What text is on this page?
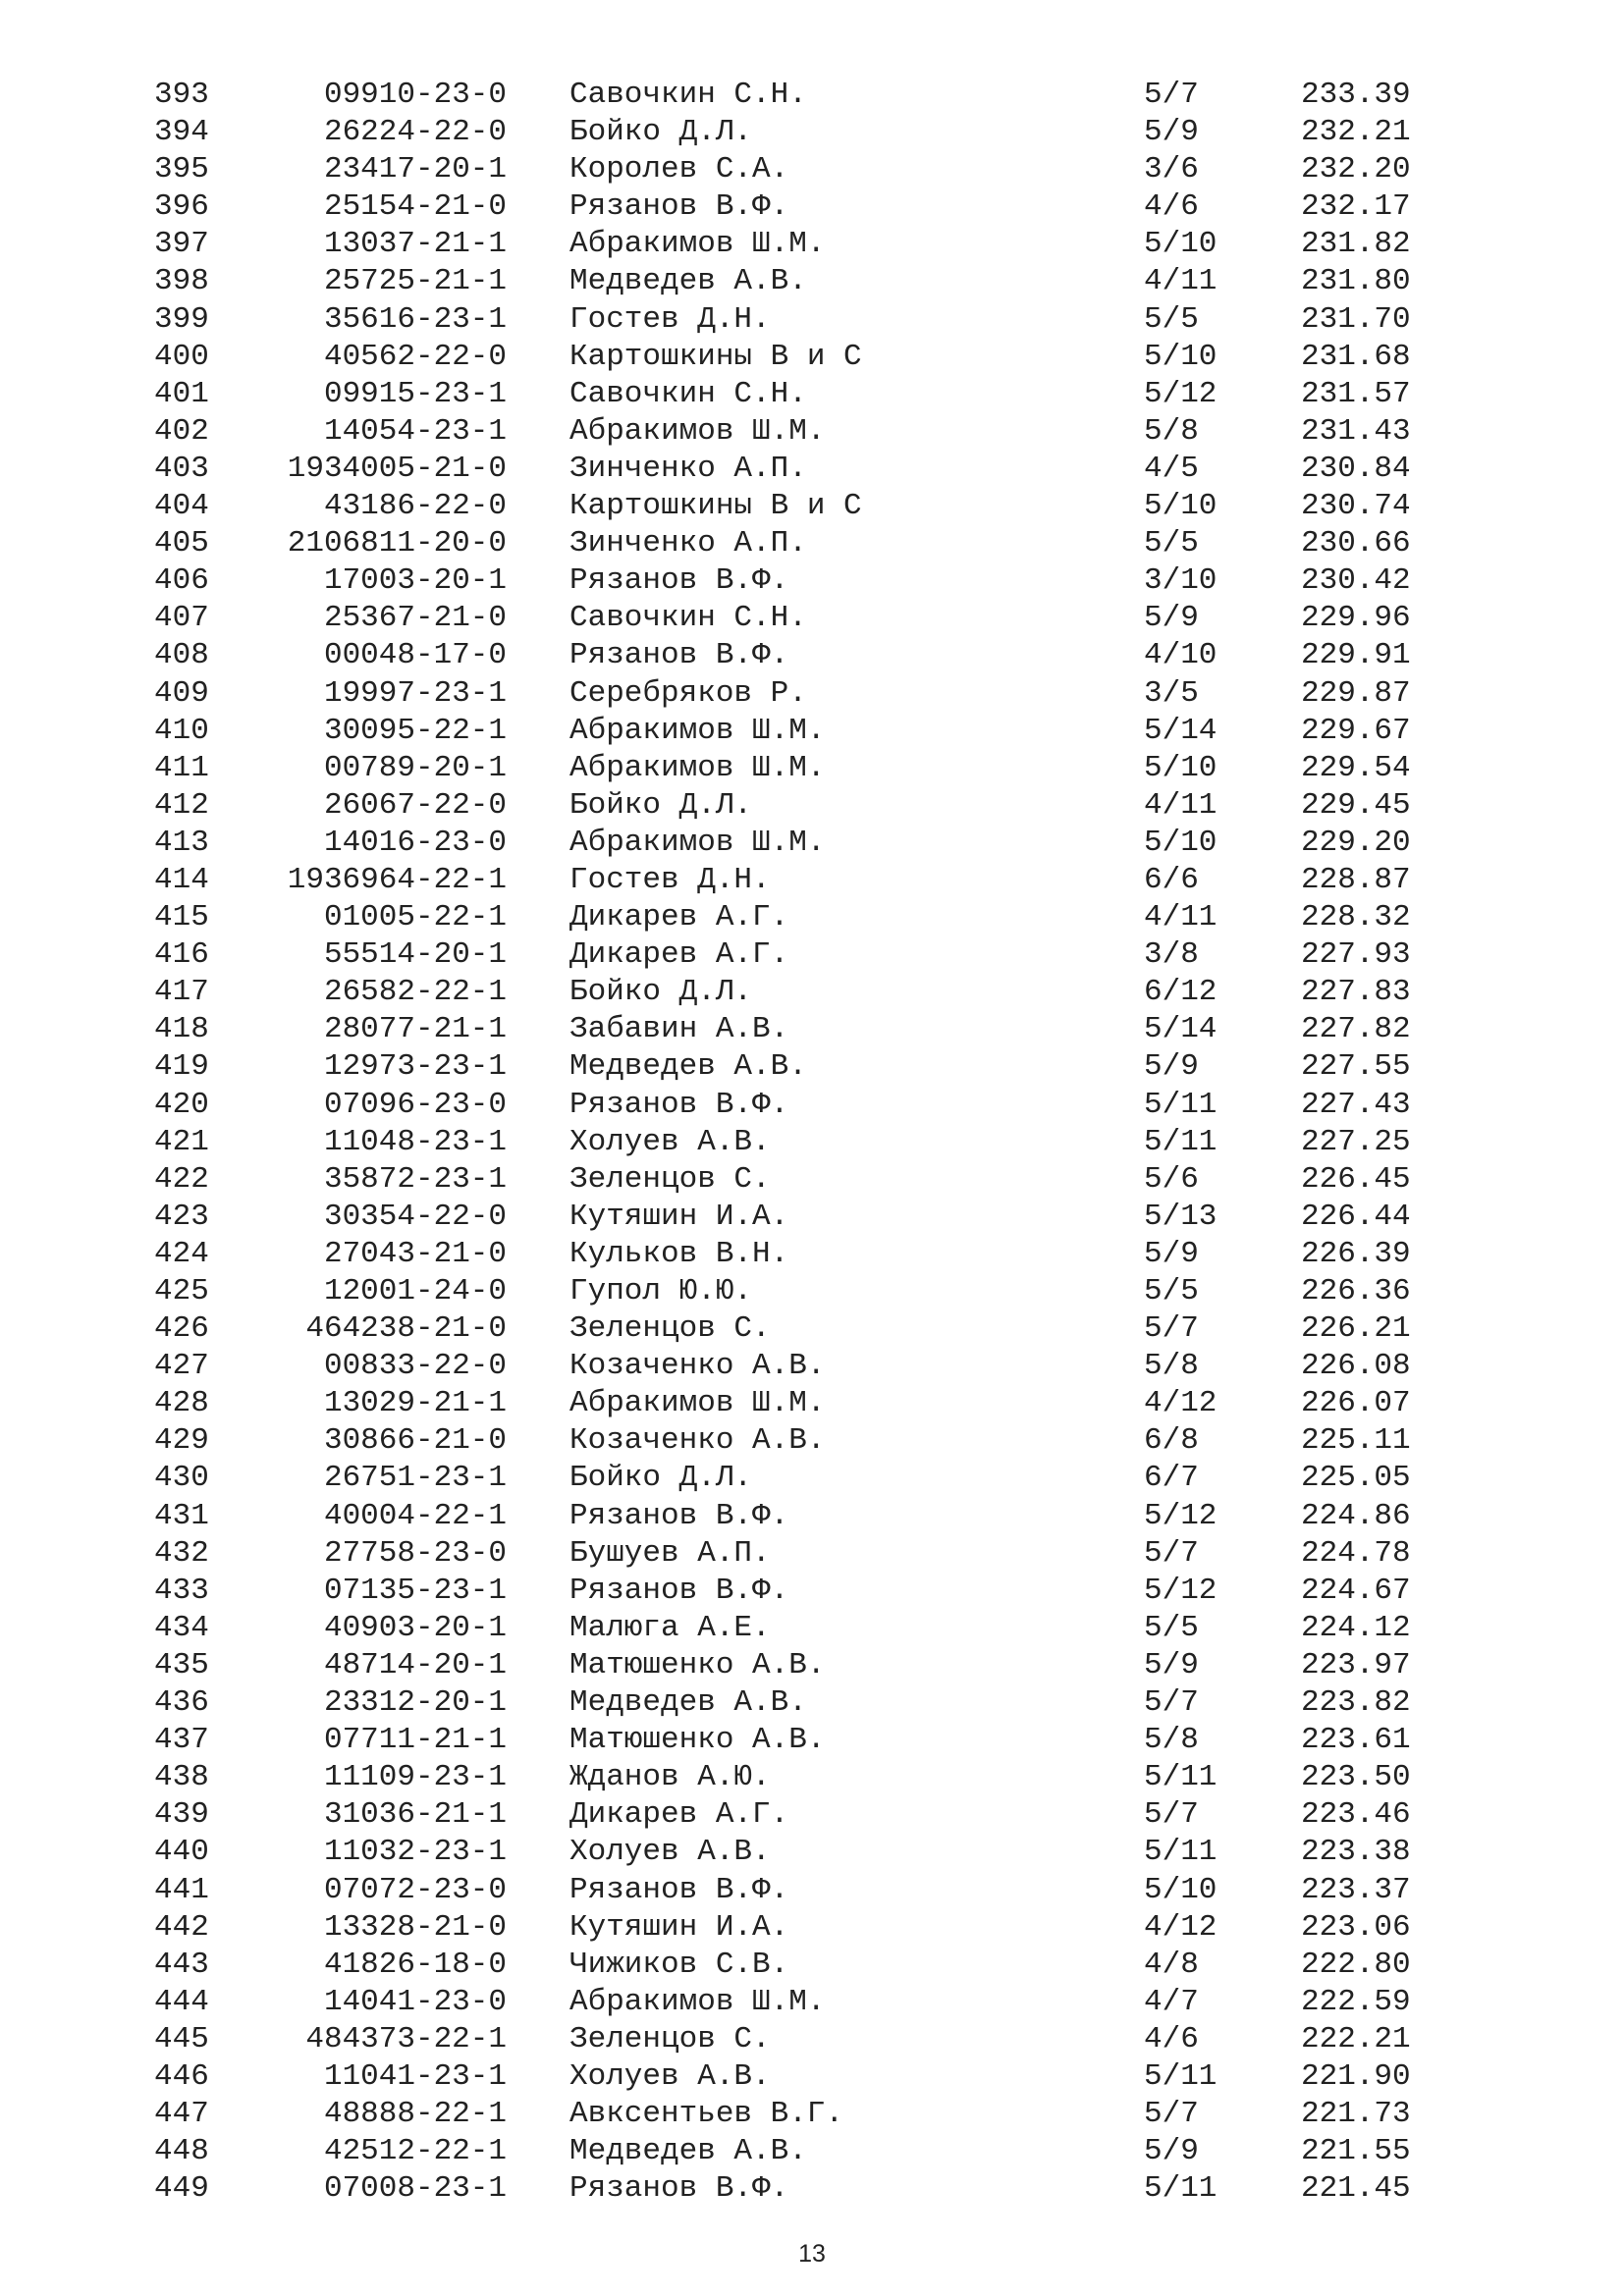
393	09910-23-0 Савочкин С.Н.	5/7	233.39
394	26224-22-0 Бойко Д.Л.	5/9	232.21
395	23417-20-1 Королев С.А.	3/6	232.20
396	25154-21-0 Рязанов В.Ф.	4/6	232.17
397	13037-21-1 Абракимов Ш.М.	5/10	231.82
398	25725-21-1 Медведев А.В.	4/11	231.80
399	35616-23-1 Гостев Д.Н.	5/5	231.70
400	40562-22-0 Картошкины В и С	5/10	231.68
401	09915-23-1 Савочкин С.Н.	5/12	231.57
402	14054-23-1 Абракимов Ш.М.	5/8	231.43
403	1934005-21-0 Зинченко А.П.	4/5	230.84
404	43186-22-0 Картошкины В и С	5/10	230.74
405	2106811-20-0 Зинченко А.П.	5/5	230.66
406	17003-20-1 Рязанов В.Ф.	3/10	230.42
407	25367-21-0 Савочкин С.Н.	5/9	229.96
408	00048-17-0 Рязанов В.Ф.	4/10	229.91
409	19997-23-1 Серебряков Р.	3/5	229.87
410	30095-22-1 Абракимов Ш.М.	5/14	229.67
411	00789-20-1 Абракимов Ш.М.	5/10	229.54
412	26067-22-0 Бойко Д.Л.	4/11	229.45
413	14016-23-0 Абракимов Ш.М.	5/10	229.20
414	1936964-22-1 Гостев Д.Н.	6/6	228.87
415	01005-22-1 Дикарев А.Г.	4/11	228.32
416	55514-20-1 Дикарев А.Г.	3/8	227.93
417	26582-22-1 Бойко Д.Л.	6/12	227.83
418	28077-21-1 Забавин А.В.	5/14	227.82
419	12973-23-1 Медведев А.В.	5/9	227.55
420	07096-23-0 Рязанов В.Ф.	5/11	227.43
421	11048-23-1 Холуев А.В.	5/11	227.25
422	35872-23-1 Зеленцов С.	5/6	226.45
423	30354-22-0 Кутяшин И.А.	5/13	226.44
424	27043-21-0 Кульков В.Н.	5/9	226.39
425	12001-24-0 Гупол Ю.Ю.	5/5	226.36
426	464238-21-0 Зеленцов С.	5/7	226.21
427	00833-22-0 Козаченко А.В.	5/8	226.08
428	13029-21-1 Абракимов Ш.М.	4/12	226.07
429	30866-21-0 Козаченко А.В.	6/8	225.11
430	26751-23-1 Бойко Д.Л.	6/7	225.05
431	40004-22-1 Рязанов В.Ф.	5/12	224.86
432	27758-23-0 Бушуев А.П.	5/7	224.78
433	07135-23-1 Рязанов В.Ф.	5/12	224.67
434	40903-20-1 Малюга А.Е.	5/5	224.12
435	48714-20-1 Матюшенко А.В.	5/9	223.97
436	23312-20-1 Медведев А.В.	5/7	223.82
437	07711-21-1 Матюшенко А.В.	5/8	223.61
438	11109-23-1 Жданов А.Ю.	5/11	223.50
439	31036-21-1 Дикарев А.Г.	5/7	223.46
440	11032-23-1 Холуев А.В.	5/11	223.38
441	07072-23-0 Рязанов В.Ф.	5/10	223.37
442	13328-21-0 Кутяшин И.А.	4/12	223.06
443	41826-18-0 Чижиков С.В.	4/8	222.80
444	14041-23-0 Абракимов Ш.М.	4/7	222.59
445	484373-22-1 Зеленцов С.	4/6	222.21
446	11041-23-1 Холуев А.В.	5/11	221.90
447	48888-22-1 Авксентьев В.Г.	5/7	221.73
448	42512-22-1 Медведев А.В.	5/9	221.55
449	07008-23-1 Рязанов В.Ф.	5/11	221.45
13
